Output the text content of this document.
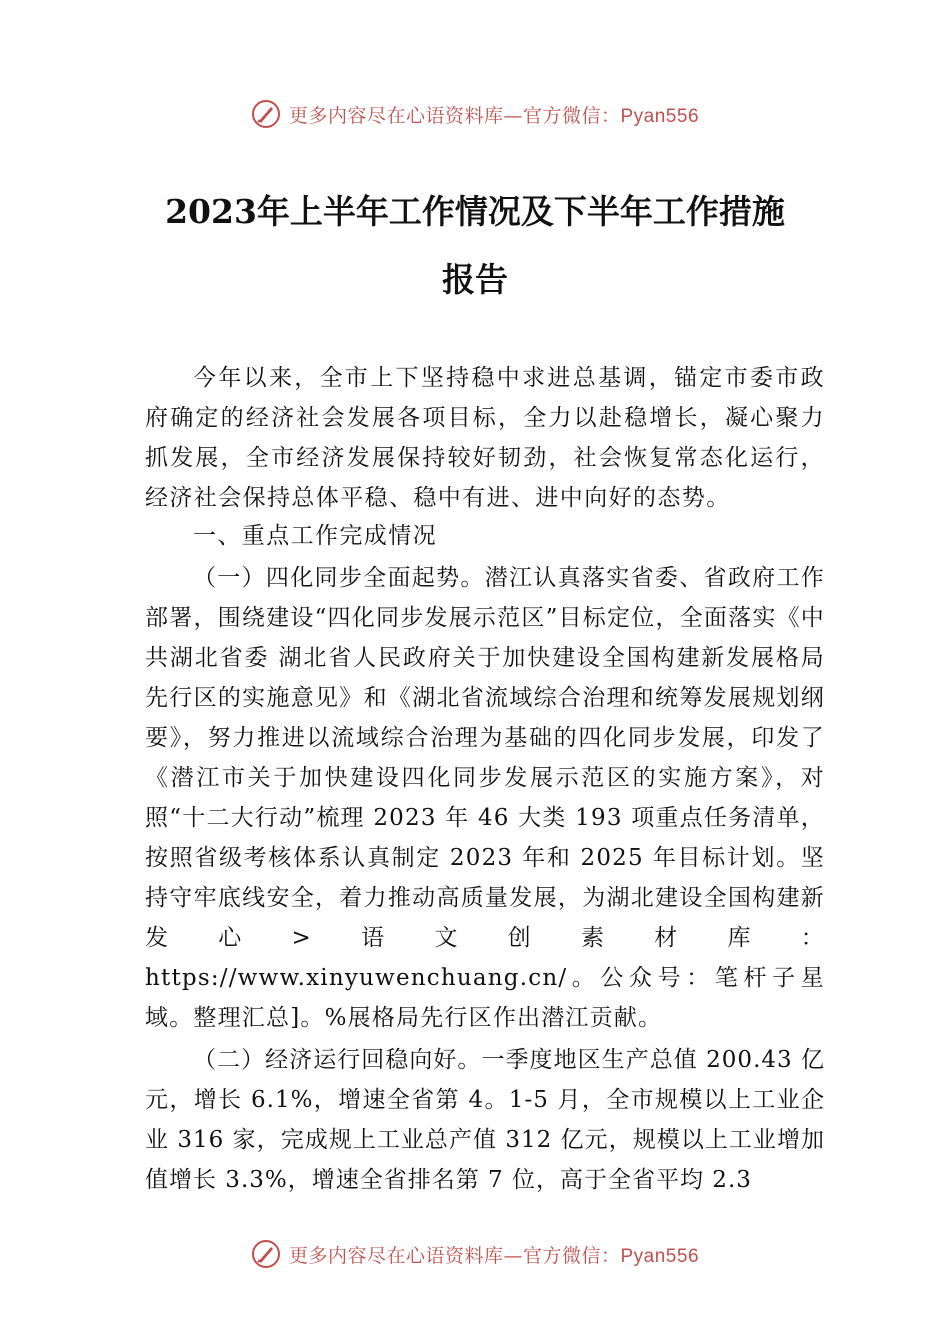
更多内容尽在心语资料库—官方微信：Pyan556
2023年上半年工作情况及下半年工作措施
报告

今年以来，全市上下坚持稳中求进总基调，锚定市委市政府确定的经济社会发展各项目标，全力以赴稳增长，凝心聚力抓发展，全市经济发展保持较好韧劲，社会恢复常态化运行，经济社会保持总体平稳、稳中有进、进中向好的态势。

一、重点工作完成情况

（一）四化同步全面起势。潜江认真落实省委、省政府工作部署，围绕建设“四化同步发展示范区”目标定位，全面落实《中共湖北省委 湖北省人民政府关于加快建设全国构建新发展格局先行区的实施意见》和《湖北省流域综合治理和统筹发展规划纲要》，努力推进以流域综合治理为基础的四化同步发展，印发了《潜江市关于加快建设四化同步发展示范区的实施方案》，对照“十二大行动”梳理 2023 年 46 大类 193 项重点任务清单，按照省级考核体系认真制定 2023 年和 2025 年目标计划。坚持守牢底线安全，着力推动高质量发展，为湖北建设全国构建新发心>语文创素材库：https://www.xinyuwenchuang.cn/。公众号：笔杆子星域。整理汇总]。%展格局先行区作出潜江贡献。

（二）经济运行回稳向好。一季度地区生产总值 200.43 亿元，增长 6.1%，增速全省第 4。1-5 月，全市规模以上工业企业 316 家，完成规上工业总产值 312 亿元，规模以上工业增加值增长 3.3%，增速全省排名第 7 位，高于全省平均 2.3

更多内容尽在心语资料库—官方微信：Pyan556
